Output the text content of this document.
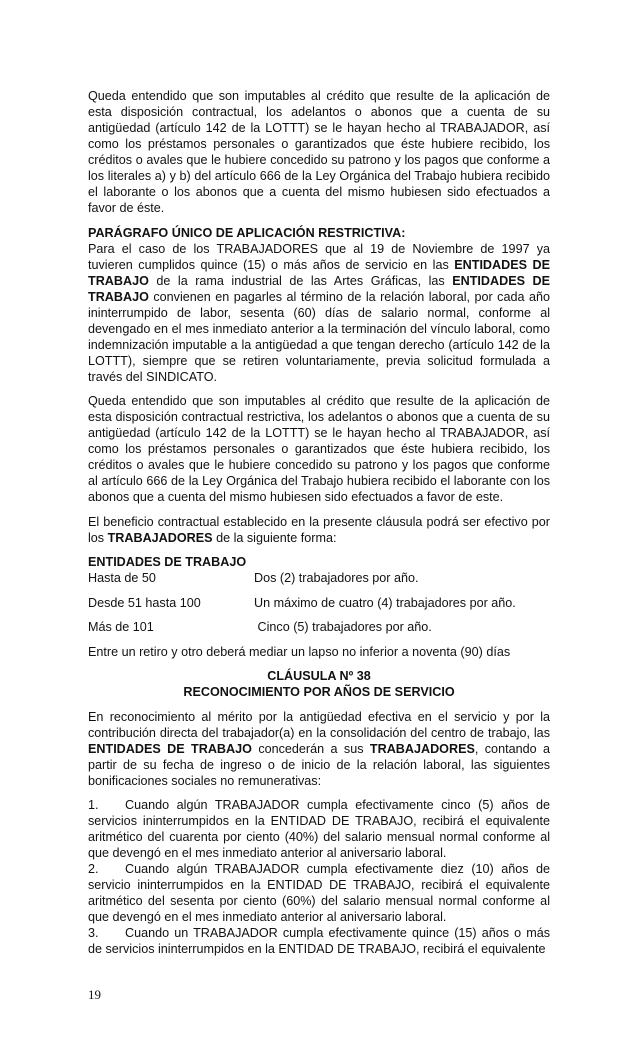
Queda entendido que son imputables al crédito que resulte de la aplicación de esta disposición contractual, los adelantos o abonos que a cuenta de su antigüedad (artículo 142 de la LOTTT) se le hayan hecho al TRABAJADOR, así como los préstamos personales o garantizados que éste hubiere recibido, los créditos o avales que le hubiere concedido su patrono y los pagos que conforme a los literales a) y b) del artículo 666 de la Ley Orgánica del Trabajo hubiera recibido el laborante o los abonos que a cuenta del mismo hubiesen sido efectuados a favor de éste.

PARÁGRAFO ÚNICO DE APLICACIÓN RESTRICTIVA:

Para el caso de los TRABAJADORES que al 19 de Noviembre de 1997 ya tuvieren cumplidos quince (15) o más años de servicio en las ENTIDADES DE TRABAJO de la rama industrial de las Artes Gráficas, las ENTIDADES DE TRABAJO convienen en pagarles al término de la relación laboral, por cada año ininterrumpido de labor, sesenta (60) días de salario normal, conforme al devengado en el mes inmediato anterior a la terminación del vínculo laboral, como indemnización imputable a la antigüedad a que tengan derecho (artículo 142 de la LOTTT), siempre que se retiren voluntariamente, previa solicitud formulada a través del SINDICATO.

Queda entendido que son imputables al crédito que resulte de la aplicación de esta disposición contractual restrictiva, los adelantos o abonos que a cuenta de su antigüedad (artículo 142 de la LOTTT) se le hayan hecho al TRABAJADOR, así como los préstamos personales o garantizados que éste hubiera recibido, los créditos o avales que le hubiere concedido su patrono y los pagos que conforme al artículo 666 de la Ley Orgánica del Trabajo hubiera recibido el laborante con los abonos que a cuenta del mismo hubiesen sido efectuados a favor de este.

El beneficio contractual establecido en la presente cláusula podrá ser efectivo por los TRABAJADORES de la siguiente forma:

ENTIDADES DE TRABAJO

Hasta de 50	Dos (2) trabajadores por año.
Desde 51 hasta 100	Un máximo de cuatro (4) trabajadores por año.
Más de 101	Cinco (5) trabajadores por año.

Entre un retiro y otro deberá mediar un lapso no inferior a noventa (90) días

CLÁUSULA Nº 38

RECONOCIMIENTO POR AÑOS DE SERVICIO

En reconocimiento al mérito por la antigüedad efectiva en el servicio y por la contribución directa del trabajador(a) en la consolidación del centro de trabajo, las ENTIDADES DE TRABAJO concederán a sus TRABAJADORES, contando a partir de su fecha de ingreso o de inicio de la relación laboral, las siguientes bonificaciones sociales no remunerativas:

1. Cuando algún TRABAJADOR cumpla efectivamente cinco (5) años de servicios ininterrumpidos en la ENTIDAD DE TRABAJO, recibirá el equivalente aritmético del cuarenta por ciento (40%) del salario mensual normal conforme al que devengó en el mes inmediato anterior al aniversario laboral.

2. Cuando algún TRABAJADOR cumpla efectivamente diez (10) años de servicio ininterrumpidos en la ENTIDAD DE TRABAJO, recibirá el equivalente aritmético del sesenta por ciento (60%) del salario mensual normal conforme al que devengó en el mes inmediato anterior al aniversario laboral.

3. Cuando un TRABAJADOR cumpla efectivamente quince (15) años o más de servicios ininterrumpidos en la ENTIDAD DE TRABAJO, recibirá el equivalente

19
